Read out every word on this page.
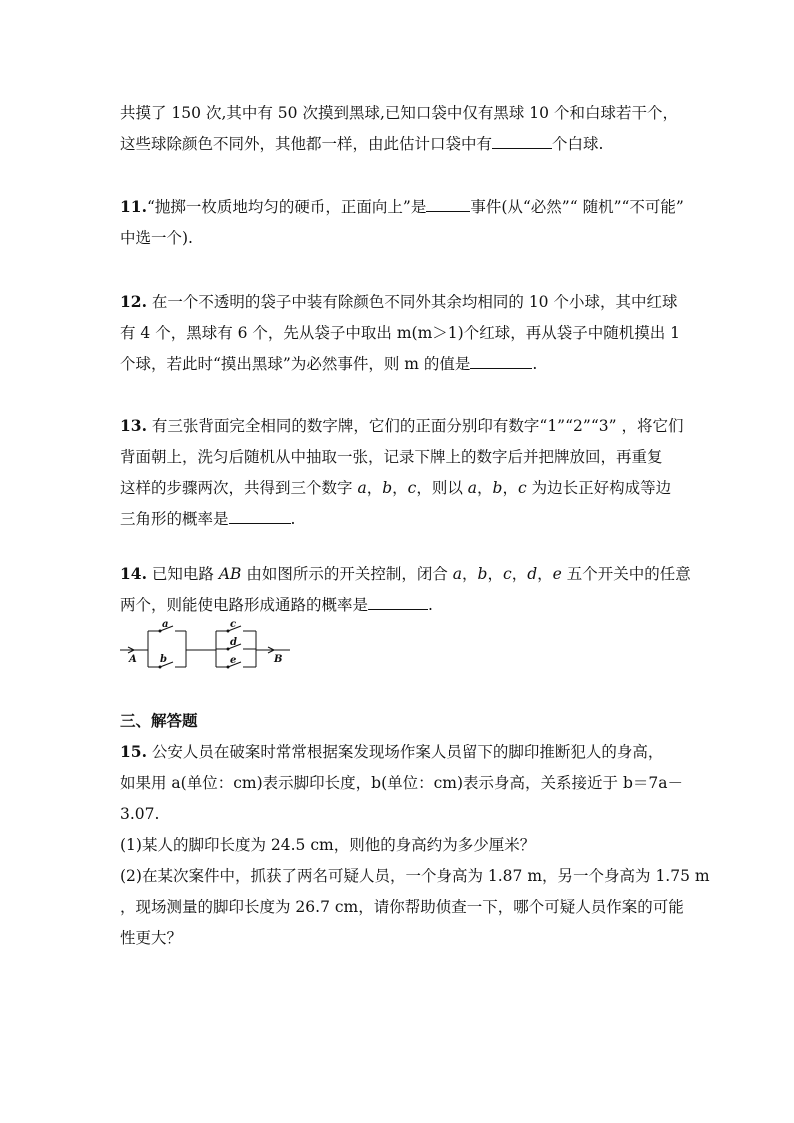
共摸了 150 次,其中有 50 次摸到黑球,已知口袋中仅有黑球 10 个和白球若干个，
这些球除颜色不同外，其他都一样，由此估计口袋中有	个白球.
11.“抛掷一枚质地均匀的硬币，正面向上”是	事件(从“必然”“ 随机”“不可能”
中选一个).
12. 在一个不透明的袋子中装有除颜色不同外其余均相同的 10 个小球，其中红球
有 4 个，黑球有 6 个，先从袋子中取出 m(m＞1)个红球，再从袋子中随机摸出 1
个球，若此时“摸出黑球”为必然事件，则 m 的值是	.
13. 有三张背面完全相同的数字牌，它们的正面分别印有数字“1”“2”“3” ，将它们
背面朝上，洗匀后随机从中抽取一张，记录下牌上的数字后并把牌放回，再重复
这样的步骤两次，共得到三个数字 a，b，c，则以 a，b，c 为边长正好构成等边
三角形的概率是	.
14. 已知电路 AB 由如图所示的开关控制，闭合 a，b，c，d，e 五个开关中的任意
两个，则能使电路形成通路的概率是	.
A
a
b
c
d
e	B
三、解答题
15. 公安人员在破案时常常根据案发现场作案人员留下的脚印推断犯人的身高，
如果用 a(单位：cm)表示脚印长度，b(单位：cm)表示身高，关系接近于 b＝7a－
3.07.
(1)某人的脚印长度为 24.5 cm，则他的身高约为多少厘米？
(2)在某次案件中，抓获了两名可疑人员，一个身高为 1.87 m，另一个身高为 1.75 m
，现场测量的脚印长度为 26.7 cm，请你帮助侦查一下，哪个可疑人员作案的可能
性更大？
